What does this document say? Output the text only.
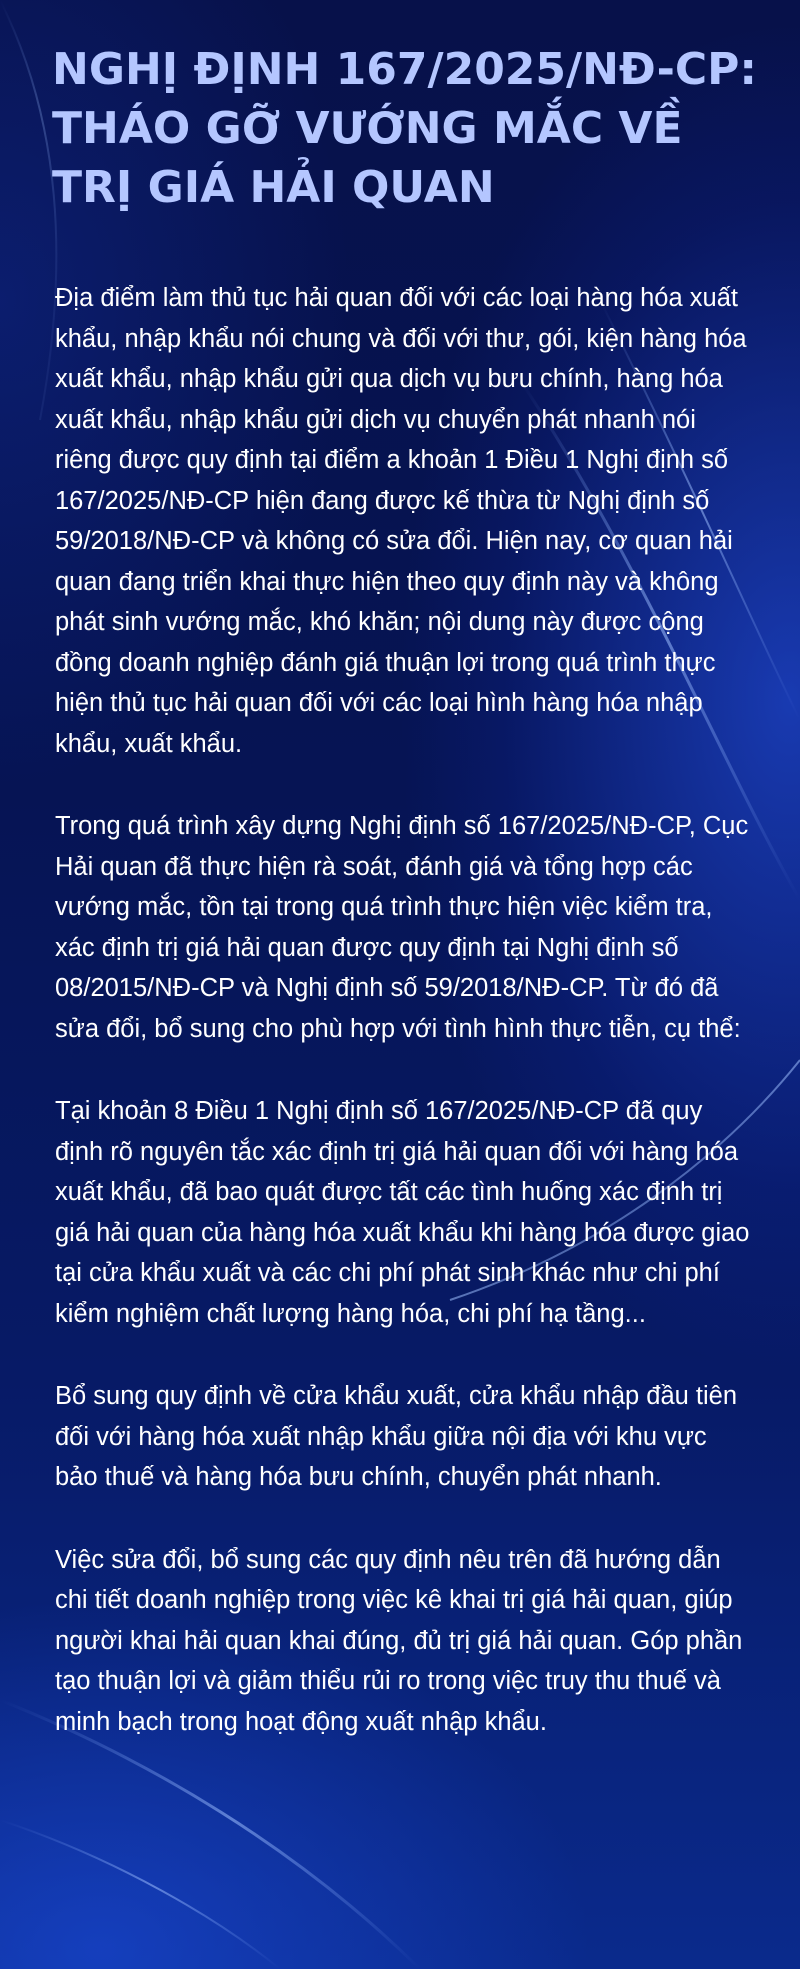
NGHỊ ĐỊNH 167/2025/NĐ-CP: THÁO GỠ VƯỚNG MẮC VỀ TRỊ GIÁ HẢI QUAN

Địa điểm làm thủ tục hải quan đối với các loại hàng hóa xuất khẩu, nhập khẩu nói chung và đối với thư, gói, kiện hàng hóa xuất khẩu, nhập khẩu gửi qua dịch vụ bưu chính, hàng hóa xuất khẩu, nhập khẩu gửi dịch vụ chuyển phát nhanh nói riêng được quy định tại điểm a khoản 1 Điều 1 Nghị định số 167/2025/NĐ-CP hiện đang được kế thừa từ Nghị định số 59/2018/NĐ-CP và không có sửa đổi. Hiện nay, cơ quan hải quan đang triển khai thực hiện theo quy định này và không phát sinh vướng mắc, khó khăn; nội dung này được cộng đồng doanh nghiệp đánh giá thuận lợi trong quá trình thực hiện thủ tục hải quan đối với các loại hình hàng hóa nhập khẩu, xuất khẩu.

Trong quá trình xây dựng Nghị định số 167/2025/NĐ-CP, Cục Hải quan đã thực hiện rà soát, đánh giá và tổng hợp các vướng mắc, tồn tại trong quá trình thực hiện việc kiểm tra, xác định trị giá hải quan được quy định tại Nghị định số 08/2015/NĐ-CP và Nghị định số 59/2018/NĐ-CP. Từ đó đã sửa đổi, bổ sung cho phù hợp với tình hình thực tiễn, cụ thể:

Tại khoản 8 Điều 1 Nghị định số 167/2025/NĐ-CP đã quy định rõ nguyên tắc xác định trị giá hải quan đối với hàng hóa xuất khẩu, đã bao quát được tất các tình huống xác định trị giá hải quan của hàng hóa xuất khẩu khi hàng hóa được giao tại cửa khẩu xuất và các chi phí phát sinh khác như chi phí kiểm nghiệm chất lượng hàng hóa, chi phí hạ tầng...

Bổ sung quy định về cửa khẩu xuất, cửa khẩu nhập đầu tiên đối với hàng hóa xuất nhập khẩu giữa nội địa với khu vực bảo thuế và hàng hóa bưu chính, chuyển phát nhanh.

Việc sửa đổi, bổ sung các quy định nêu trên đã hướng dẫn chi tiết doanh nghiệp trong việc kê khai trị giá hải quan, giúp người khai hải quan khai đúng, đủ trị giá hải quan. Góp phần tạo thuận lợi và giảm thiểu rủi ro trong việc truy thu thuế và minh bạch trong hoạt động xuất nhập khẩu.
